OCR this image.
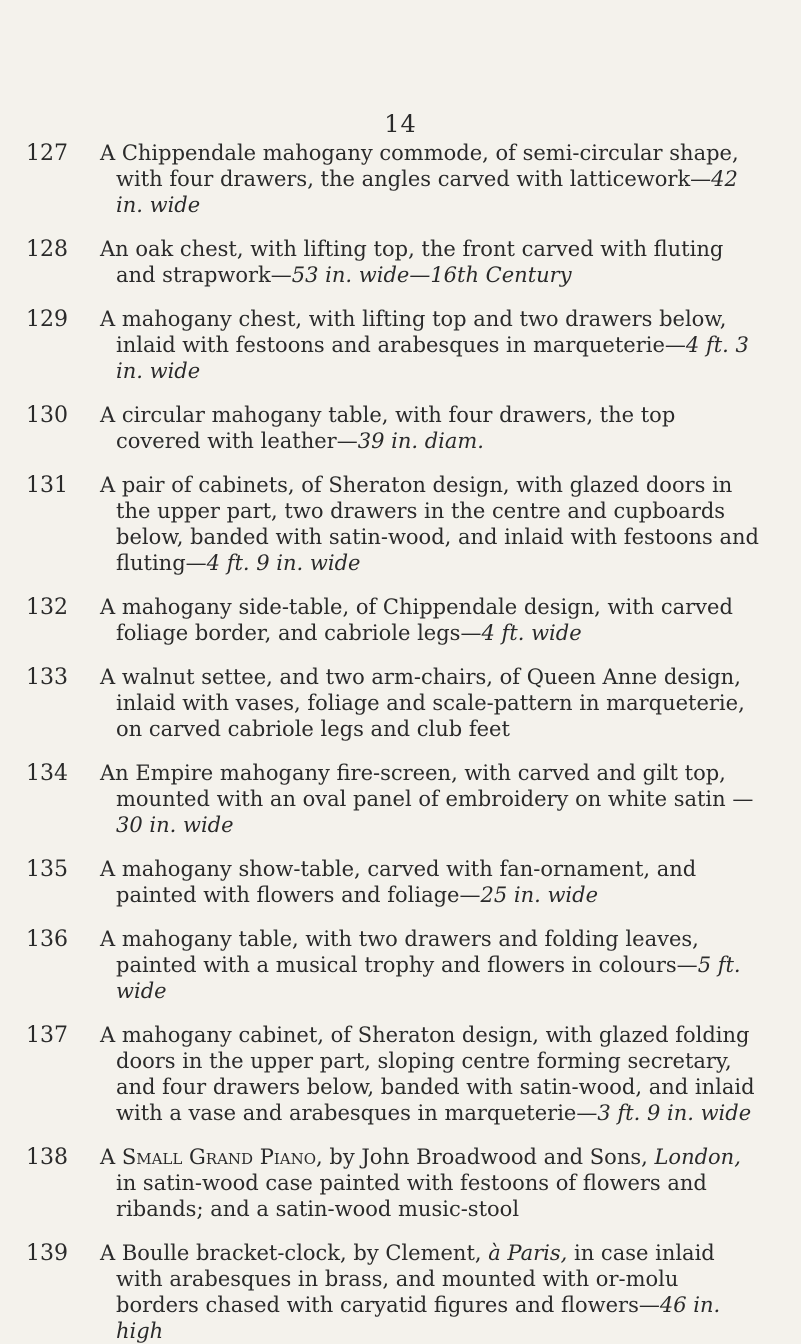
14
127	A Chippendale mahogany commode, of semi-circular shape, with four drawers, the angles carved with latticework—42 in. wide
128	An oak chest, with lifting top, the front carved with fluting and strapwork—53 in. wide—16th Century
129	A mahogany chest, with lifting top and two drawers below, inlaid with festoons and arabesques in marqueterie—4 ft. 3 in. wide
130	A circular mahogany table, with four drawers, the top covered with leather—39 in. diam.
131	A pair of cabinets, of Sheraton design, with glazed doors in the upper part, two drawers in the centre and cupboards below, banded with satin-wood, and inlaid with festoons and fluting—4 ft. 9 in. wide
132	A mahogany side-table, of Chippendale design, with carved foliage border, and cabriole legs—4 ft. wide
133	A walnut settee, and two arm-chairs, of Queen Anne design, inlaid with vases, foliage and scale-pattern in marqueterie, on carved cabriole legs and club feet
134	An Empire mahogany fire-screen, with carved and gilt top, mounted with an oval panel of embroidery on white satin —30 in. wide
135	A mahogany show-table, carved with fan-ornament, and painted with flowers and foliage—25 in. wide
136	A mahogany table, with two drawers and folding leaves, painted with a musical trophy and flowers in colours—5 ft. wide
137	A mahogany cabinet, of Sheraton design, with glazed folding doors in the upper part, sloping centre forming secretary, and four drawers below, banded with satin-wood, and inlaid with a vase and arabesques in marqueterie—3 ft. 9 in. wide
138	A Small Grand Piano, by John Broadwood and Sons, London, in satin-wood case painted with festoons of flowers and ribands; and a satin-wood music-stool
139	A Boulle bracket-clock, by Clement, à Paris, in case inlaid with arabesques in brass, and mounted with or-molu borders chased with caryatid figures and flowers—46 in. high
